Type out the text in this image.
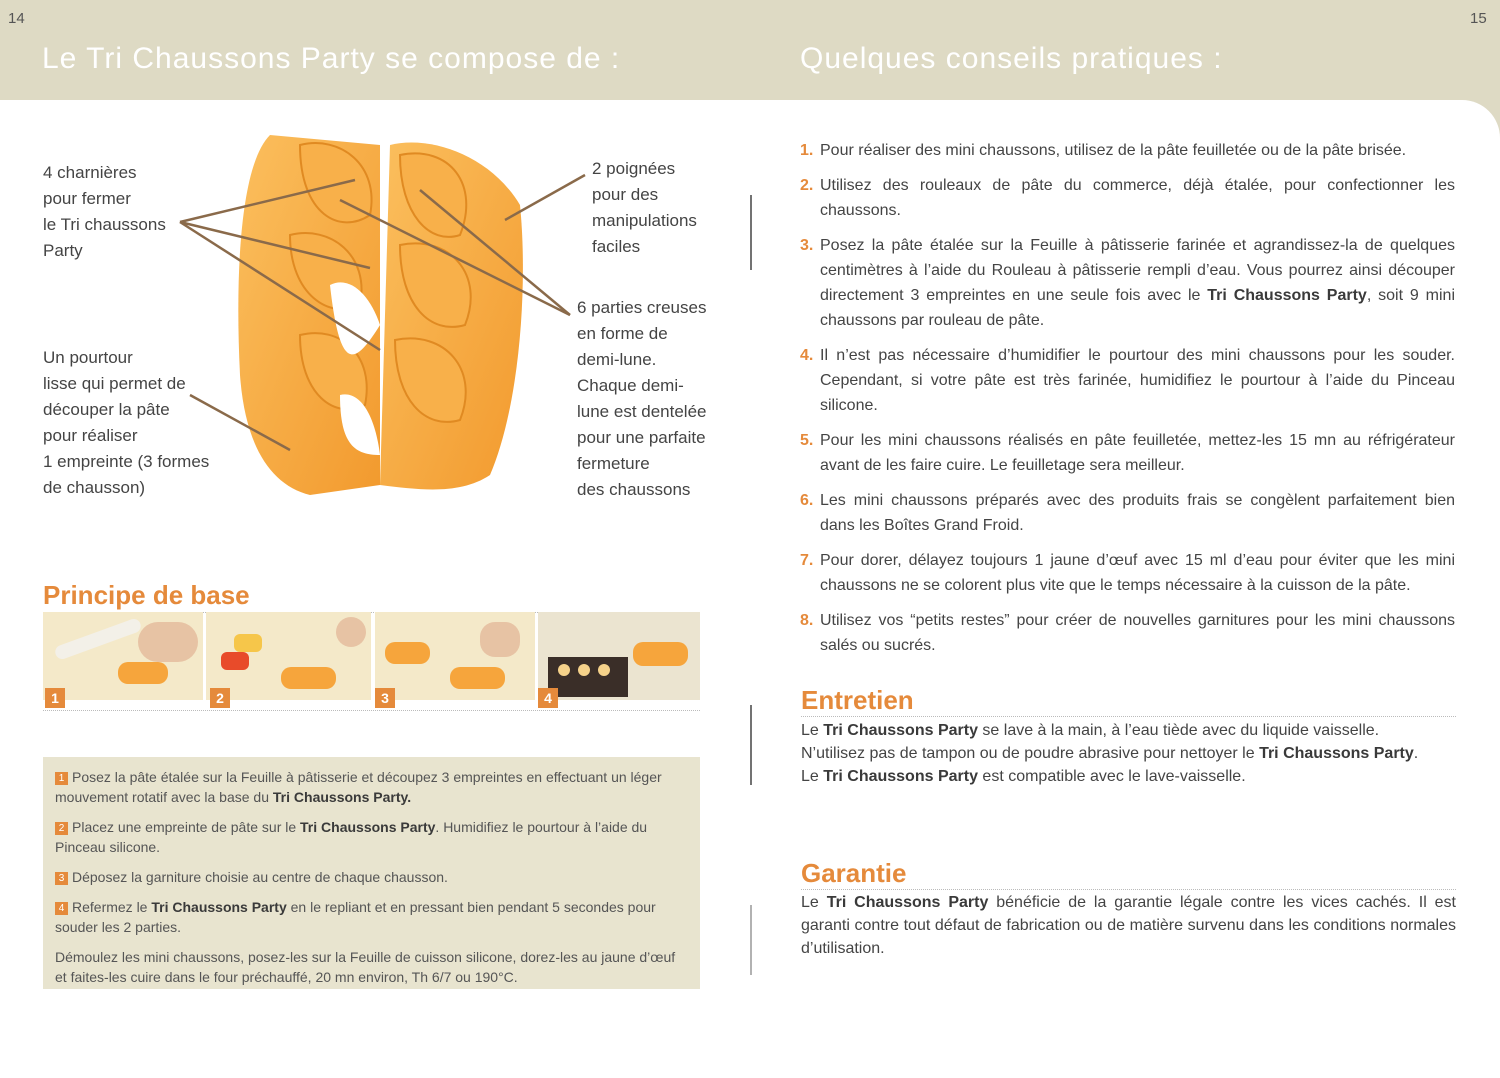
Le Tri Chaussons Party se compose de :
14
4 charnières
pour fermer
le Tri chaussons
Party
2 poignées
pour des
manipulations
faciles
6 parties creuses
en forme de
demi-lune.
Chaque demi-
lune est dentelée
pour une parfaite
fermeture
des chaussons
Un pourtour
lisse qui permet de
découper la pâte
pour réaliser
1 empreinte (3 formes
de chausson)
Principe de base
1	2	3	4
1 Posez la pâte étalée sur la Feuille à pâtisserie et découpez 3 empreintes en effectuant un léger mouvement rotatif avec la base du Tri Chaussons Party.
2 Placez une empreinte de pâte sur le Tri Chaussons Party. Humidifiez le pourtour à l’aide du Pinceau silicone.
3 Déposez la garniture choisie au centre de chaque chausson.
4 Refermez le Tri Chaussons Party en le repliant et en pressant bien pendant 5 secondes pour souder les 2 parties.
Démoulez les mini chaussons, posez-les sur la Feuille de cuisson silicone, dorez-les au jaune d’œuf et faites-les cuire dans le four préchauffé, 20 mn environ, Th 6/7 ou 190°C.
Quelques conseils pratiques :
15
1. Pour réaliser des mini chaussons, utilisez de la pâte feuilletée ou de la pâte brisée.
2. Utilisez des rouleaux de pâte du commerce, déjà étalée, pour confectionner les chaussons.
3. Posez la pâte étalée sur la Feuille à pâtisserie farinée et agrandissez-la de quelques centimètres à l’aide du Rouleau à pâtisserie rempli d’eau. Vous pourrez ainsi découper directement 3 empreintes en une seule fois avec le Tri Chaussons Party, soit 9 mini chaussons par rouleau de pâte.
4. Il n’est pas nécessaire d’humidifier le pourtour des mini chaussons pour les souder. Cependant, si votre pâte est très farinée, humidifiez le pourtour à l’aide du Pinceau silicone.
5. Pour les mini chaussons réalisés en pâte feuilletée, mettez-les 15 mn au réfrigérateur avant de les faire cuire. Le feuilletage sera meilleur.
6. Les mini chaussons préparés avec des produits frais se congèlent parfaitement bien dans les Boîtes Grand Froid.
7. Pour dorer, délayez toujours 1 jaune d’œuf avec 15 ml d’eau pour éviter que les mini chaussons ne se colorent plus vite que le temps nécessaire à la cuisson de la pâte.
8. Utilisez vos “petits restes” pour créer de nouvelles garnitures pour les mini chaussons salés ou sucrés.
Entretien
Le Tri Chaussons Party se lave à la main, à l’eau tiède avec du liquide vaisselle.
N’utilisez pas de tampon ou de poudre abrasive pour nettoyer le Tri Chaussons Party.
Le Tri Chaussons Party est compatible avec le lave-vaisselle.
Garantie
Le Tri Chaussons Party bénéficie de la garantie légale contre les vices cachés. Il est garanti contre tout défaut de fabrication ou de matière survenu dans les conditions normales d’utilisation.
